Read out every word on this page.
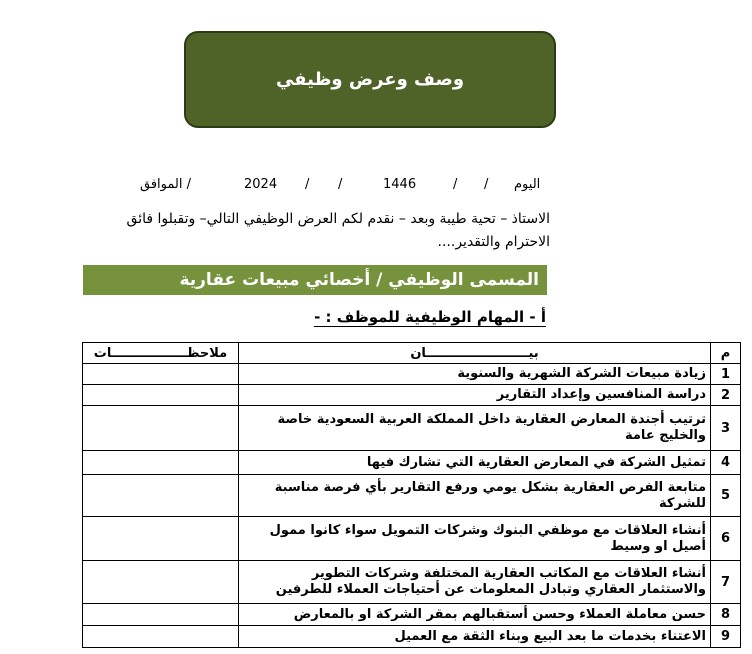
وصف وعرض وظيفي
الموافق /	2024 / /	1446	/ / اليوم
الاستاذ – تحية طيبة وبعد – نقدم لكم العرض الوظيفي التالي– وتقبلوا فائق
الاحترام والتقدير....
المسمى الوظيفي / أخصائي مبيعات عقارية
أ - المهام الوظيفية للموظف : -
م	بيـــــــــــــــــــــــان	ملاحظـــــــــــــــــات
1	زيادة مبيعات الشركة الشهرية والسنوية	
2	دراسة المنافسين وإعداد التقارير	
3	ترتيب أجندة المعارض العقارية داخل المملكة العربية السعودية خاصة والخليج عامة	
4	تمثيل الشركة في المعارض العقارية التي تشارك فيها	
5	متابعة الفرص العقارية بشكل يومي ورفع التقارير بأي فرصة مناسبة للشركة	
6	أنشاء العلاقات مع موظفي البنوك وشركات التمويل سواء كانوا ممول أصيل او وسيط	
7	أنشاء العلاقات مع المكاتب العقارية المختلفة وشركات التطوير والاستثمار العقاري وتبادل المعلومات عن أحتياجات العملاء للطرفين	
8	حسن معاملة العملاء وحسن أستقبالهم بمقر الشركة او بالمعارض	
9	الاعتناء بخدمات ما بعد البيع وبناء الثقة مع العميل	
